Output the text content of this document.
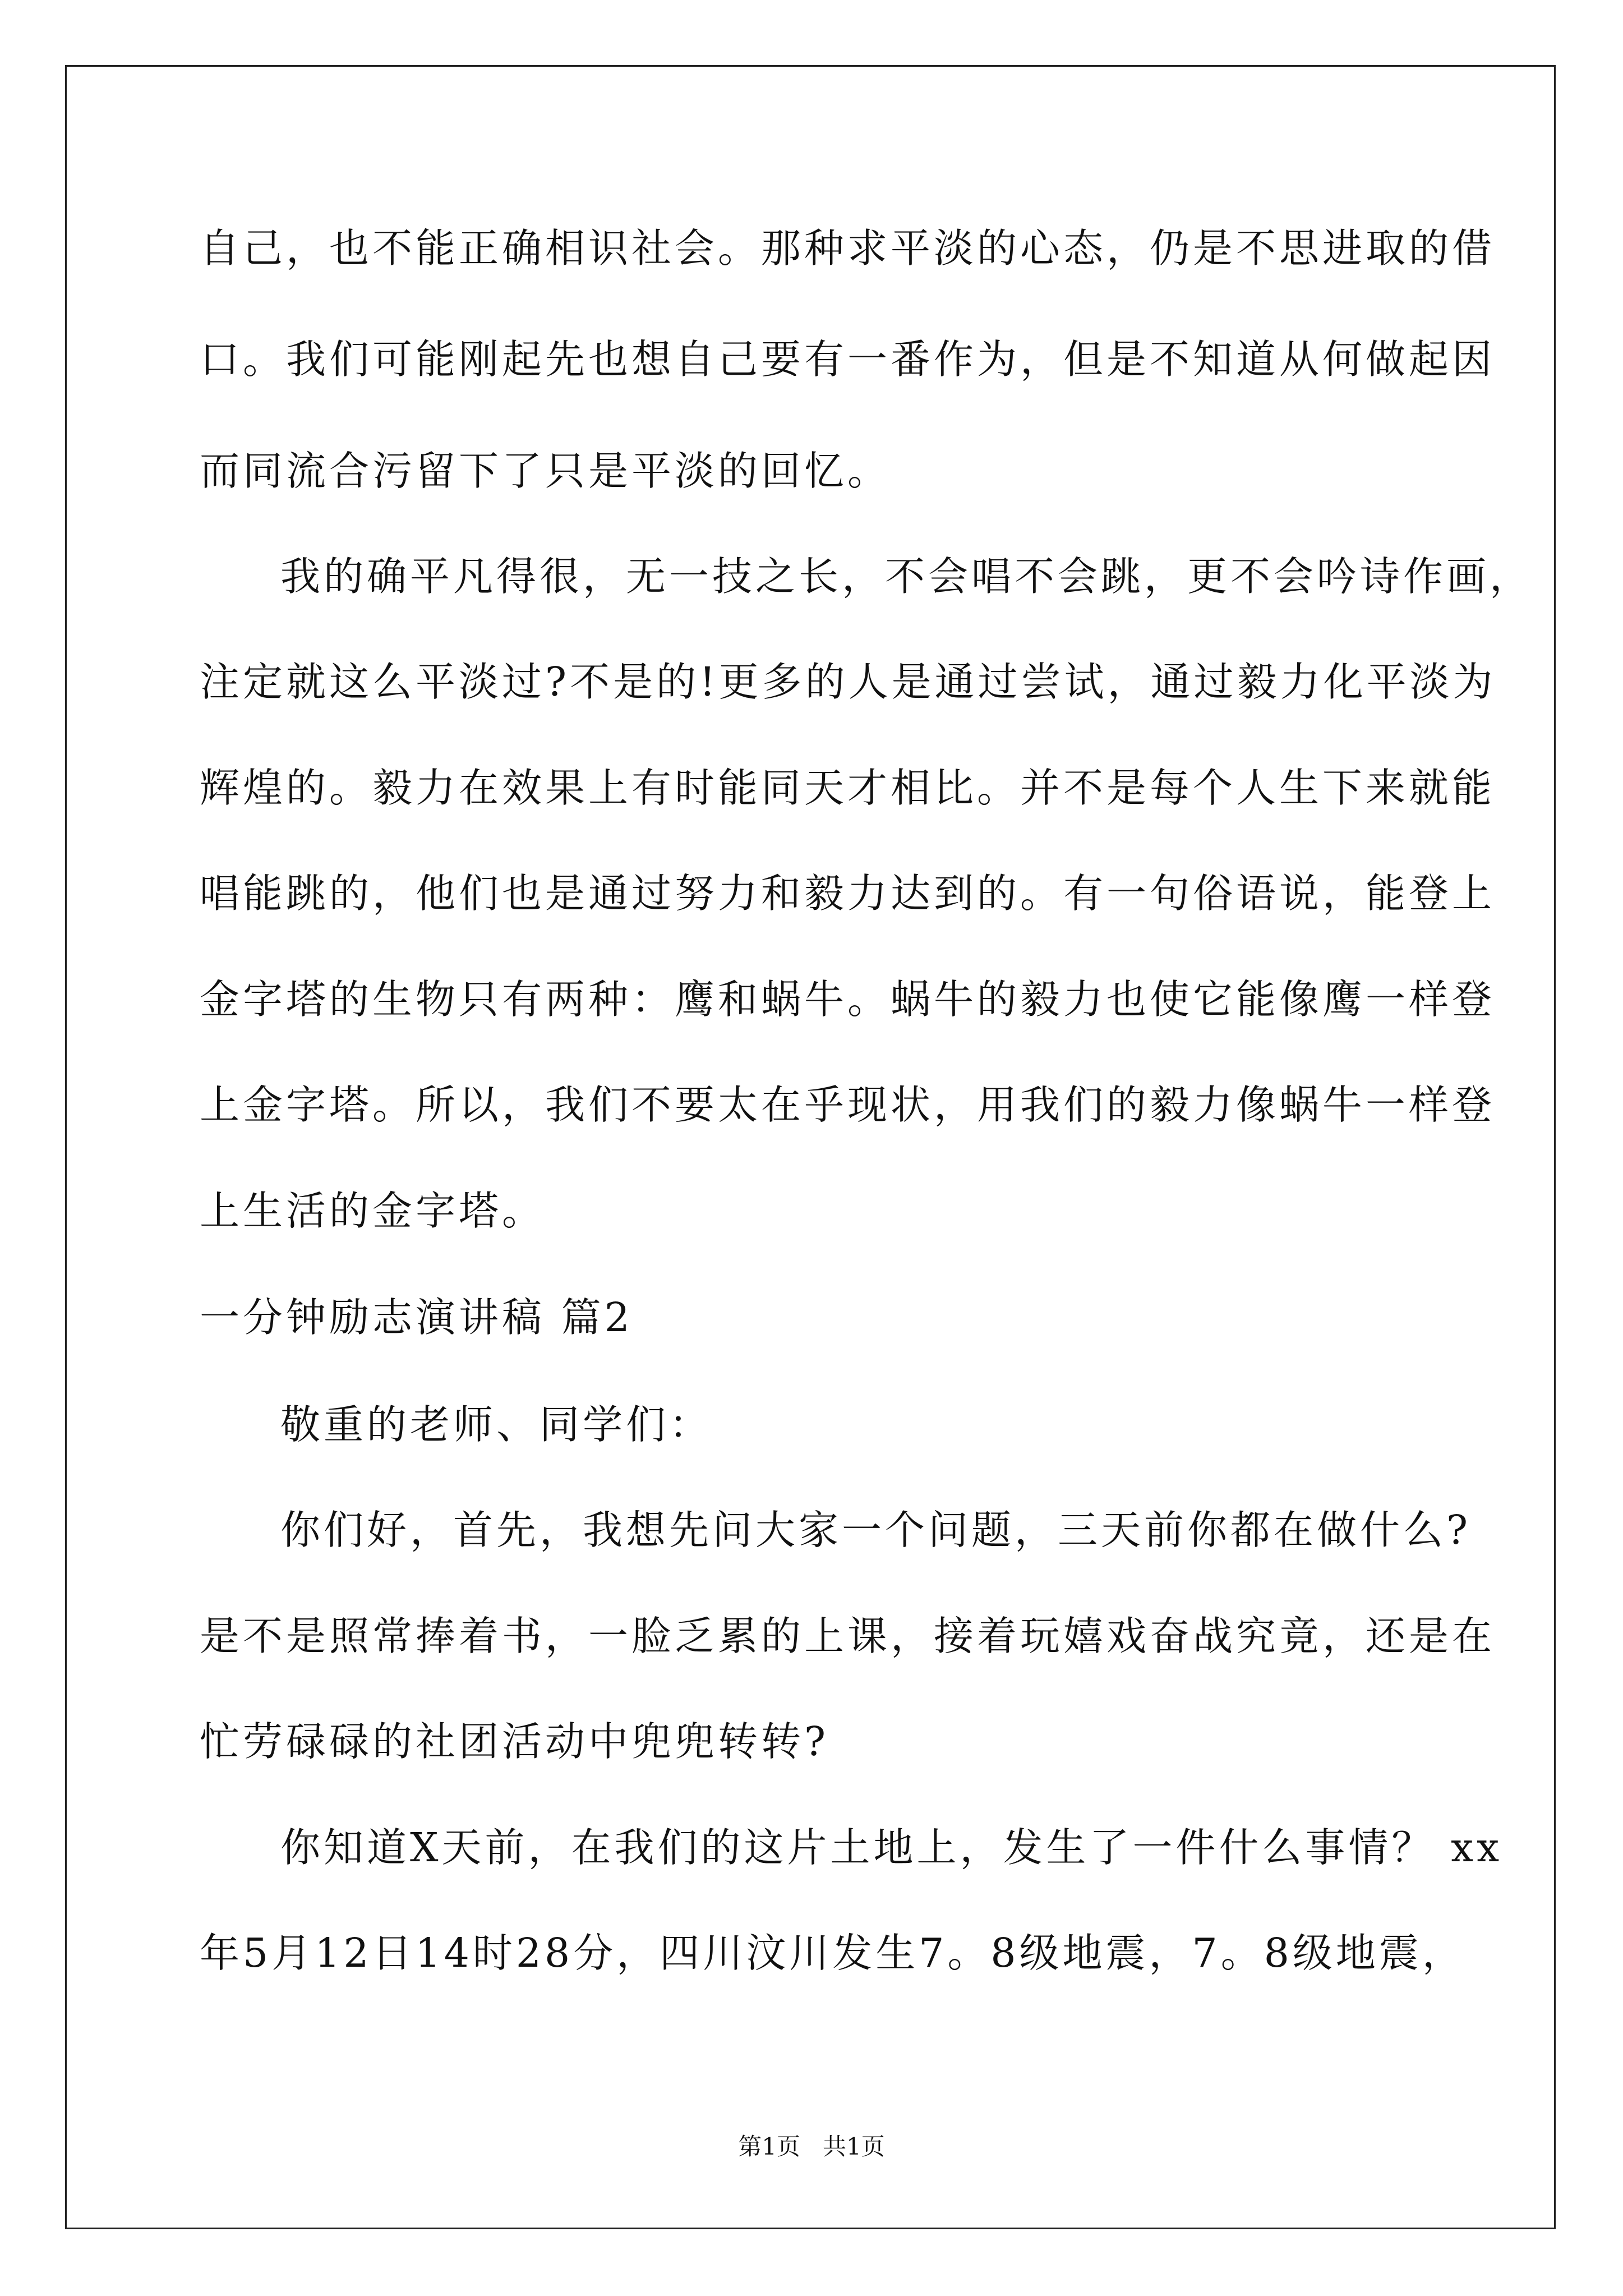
自己，也不能正确相识社会。那种求平淡的心态，仍是不思进取的借
口。我们可能刚起先也想自己要有一番作为，但是不知道从何做起因
而同流合污留下了只是平淡的回忆。
我的确平凡得很，无一技之长，不会唱不会跳，更不会吟诗作画，
注定就这么平淡过?不是的!更多的人是通过尝试，通过毅力化平淡为
辉煌的。毅力在效果上有时能同天才相比。并不是每个人生下来就能
唱能跳的，他们也是通过努力和毅力达到的。有一句俗语说，能登上
金字塔的生物只有两种：鹰和蜗牛。蜗牛的毅力也使它能像鹰一样登
上金字塔。所以，我们不要太在乎现状，用我们的毅力像蜗牛一样登
上生活的金字塔。
一分钟励志演讲稿 篇2
敬重的老师、同学们：
你们好，首先，我想先问大家一个问题，三天前你都在做什么?
是不是照常捧着书，一脸乏累的上课，接着玩嬉戏奋战究竟，还是在
忙劳碌碌的社团活动中兜兜转转?
你知道X天前，在我们的这片土地上，发生了一件什么事情？ xx
年5月12日14时28分，四川汶川发生7。8级地震，7。8级地震，
第1页   共1页
